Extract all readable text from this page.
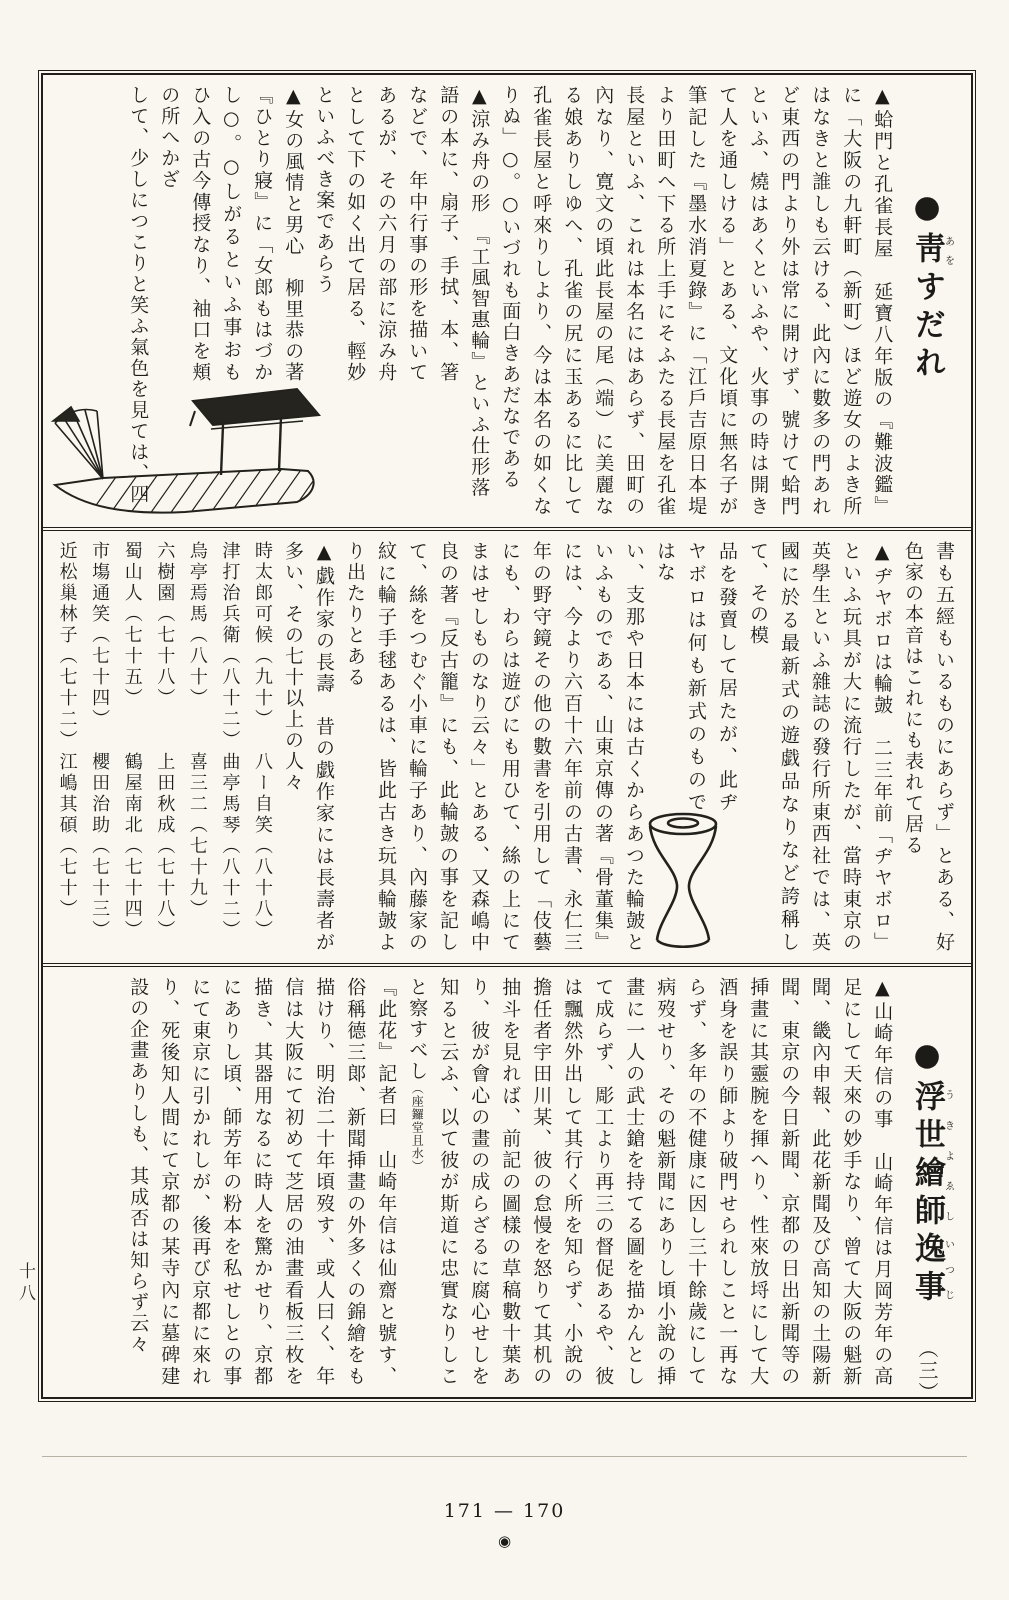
●靑あをすだれ

▲蛤門と孔雀長屋　延寶八年版の『難波鑑』に「大阪の九軒町（新町）ほど遊女のよき所はなきと誰しも云ける、此內に數多の門あれど東西の門より外は常に開けず、號けて蛤門といふ、燒はあくといふや、火事の時は開きて人を通しける」とある、文化頃に無名子が筆記した『墨水消夏錄』に「江戶吉原日本堤より田町へ下る所上手にそふたる長屋を孔雀長屋といふ、これは本名にはあらず、田町の內なり、寛文の頃此長屋の尾（端）に美麗なる娘ありしゆへ、孔雀の尻に玉あるに比して孔雀長屋と呼來りしより、今は本名の如くなりぬ」○。○いづれも面白きあだなである

▲涼み舟の形　『工風智惠輪』といふ仕形落

語の本に、扇子、手拭、本、箸などで、年中行事の形を描いてあるが、その六月の部に涼み舟として下の如く出て居る、輕妙といふべき案であらう

▲女の風情と男心　柳里恭の著『ひとり寢』に「女郎もはづかし○。○しがるといふ事おもひ入の古今傳授なり、袖口を頬の所へかざ

して、少しにつこりと笑ふ氣色を見ては、四

書も五經もいるものにあらず」とある、好色家の本音はこれにも表れて居る

▲ヂヤボロは輪皷　二三年前「ヂヤボロ」といふ玩具が大に流行したが、當時東京の英學生といふ雜誌の發行所東西社では、英國に於る最新式の遊戯品なりなど誇稱して、その模

品を發賣して居たが、此ヂヤボロは何も新式のものではな

い、支那や日本には古くからあつた輪皷といふものである、山東京傳の著『骨董集』には、今より六百十六年前の古書、永仁三年の野守鏡その他の數書を引用して「伎藝にも、わらは遊びにも用ひて、絲の上にてまはせしものなり云々」とある、又森嶋中良の著『反古籠』にも、此輪皷の事を記して、絲をつむぐ小車に輪子あり、內藤家の紋に輪子手毬あるは、皆此古き玩具輪皷より出たりとある

▲戯作家の長壽　昔の戯作家には長壽者が多い、その七十以上の人々

時太郎可候（九十）
八ー自笑（八十八）
津打治兵衛（八十二）
曲亭馬琴（八十二）
烏亭焉馬（八十）
喜三二（七十九）
六樹園（七十八）
上田秋成（七十八）
蜀山人（七十五）
鶴屋南北（七十四）
市塲通笑（七十四）
櫻田治助（七十三）
近松巢林子（七十二）
江嶋其碩（七十）
●浮世繪師うきよゑし逸事いつじ（三）

▲山崎年信の事　山崎年信は月岡芳年の高足にして天來の妙手なり、曾て大阪の魁新聞、畿內申報、此花新聞及び高知の土陽新聞、東京の今日新聞、京都の日出新聞等の挿畫に其靈腕を揮へり、性來放埒にして大酒身を誤り師より破門せられしこと一再ならず、多年の不健康に因し三十餘歲にして病歿せり、その魁新聞にありし頃小說の挿畫に一人の武士鎗を持てる圖を描かんとして成らず、彫工より再三の督促あるや、彼は飄然外出して其行く所を知らず、小說の擔任者宇田川某、彼の怠慢を怒りて其机の抽斗を見れば、前記の圖樣の草稿數十葉あり、彼が會心の畫の成らざるに腐心せしを知ると云ふ、以て彼が斯道に忠實なりしこと察すべし（座鑼堂且水）

『此花』記者曰　山崎年信は仙齋と號す、俗稱德三郞、新聞挿畫の外多くの錦繪をも描けり、明治二十年頃歿す、或人曰く、年信は大阪にて初めて芝居の油畫看板三枚を描き、其器用なるに時人を驚かせり、京都にありし頃、師芳年の粉本を私せしとの事にて東京に引かれしが、後再び京都に來れり、死後知人間にて京都の某寺內に墓碑建設の企畫ありしも、其成否は知らず云々

十八
171 — 170
◉
